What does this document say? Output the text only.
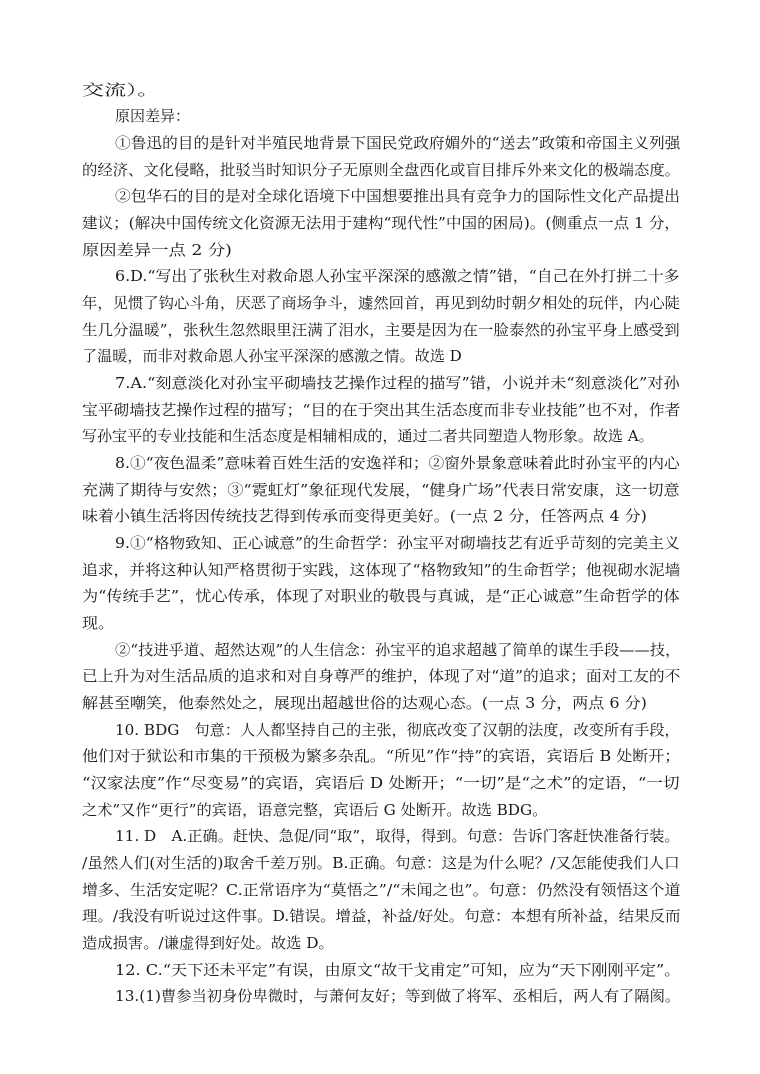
交流）。
原因差异：
①鲁迅的目的是针对半殖民地背景下国民党政府媚外的“送去”政策和帝国主义列强
的经济、文化侵略，批驳当时知识分子无原则全盘西化或盲目排斥外来文化的极端态度。
②包华石的目的是对全球化语境下中国想要推出具有竞争力的国际性文化产品提出
建议；(解决中国传统文化资源无法用于建构“现代性”中国的困局)。(侧重点一点 1 分，
原因差异一点 2 分)
6.D.“写出了张秋生对救命恩人孙宝平深深的感激之情”错，“自己在外打拼二十多
年，见惯了钩心斗角，厌恶了商场争斗，遽然回首，再见到幼时朝夕相处的玩伴，内心陡
生几分温暖”，张秋生忽然眼里汪满了泪水，主要是因为在一脸泰然的孙宝平身上感受到
了温暖，而非对救命恩人孙宝平深深的感激之情。故选 D
7.A.“刻意淡化对孙宝平砌墙技艺操作过程的描写”错，小说并未“刻意淡化”对孙
宝平砌墙技艺操作过程的描写；“目的在于突出其生活态度而非专业技能”也不对，作者
写孙宝平的专业技能和生活态度是相辅相成的，通过二者共同塑造人物形象。故选 A。
8.①“夜色温柔”意味着百姓生活的安逸祥和；②窗外景象意味着此时孙宝平的内心
充满了期待与安然；③“霓虹灯”象征现代发展，“健身广场”代表日常安康，这一切意
味着小镇生活将因传统技艺得到传承而变得更美好。(一点 2 分，任答两点 4 分)
9.①“格物致知、正心诚意”的生命哲学：孙宝平对砌墙技艺有近乎苛刻的完美主义
追求，并将这种认知严格贯彻于实践，这体现了“格物致知”的生命哲学；他视砌水泥墙
为“传统手艺”，忧心传承，体现了对职业的敬畏与真诚，是“正心诚意”生命哲学的体
现。
②“技进乎道、超然达观”的人生信念：孙宝平的追求超越了简单的谋生手段——技，
已上升为对生活品质的追求和对自身尊严的维护，体现了对“道”的追求；面对工友的不
解甚至嘲笑，他泰然处之，展现出超越世俗的达观心态。(一点 3 分，两点 6 分)
10. BDG　句意：人人都坚持自己的主张，彻底改变了汉朝的法度，改变所有手段，
他们对于狱讼和市集的干预极为繁多杂乱。“所见”作“持”的宾语，宾语后 B 处断开；
“汉家法度”作“尽变易”的宾语，宾语后 D 处断开；“一切”是“之术”的定语，“一切
之术”又作“更行”的宾语，语意完整，宾语后 G 处断开。故选 BDG。
11. D　A.正确。赶快、急促/同“取”，取得，得到。句意：告诉门客赶快准备行装。
/虽然人们(对生活的)取舍千差万别。B.正确。句意：这是为什么呢？/又怎能使我们人口
增多、生活安定呢？C.正常语序为“莫悟之”/“未闻之也”。句意：仍然没有领悟这个道
理。/我没有听说过这件事。D.错误。增益，补益/好处。句意：本想有所补益，结果反而
造成损害。/谦虚得到好处。故选 D。
12. C.“天下还未平定”有误，由原文“故干戈甫定”可知，应为“天下刚刚平定”。
13.(1)曹参当初身份卑微时，与萧何友好；等到做了将军、丞相后，两人有了隔阂。
